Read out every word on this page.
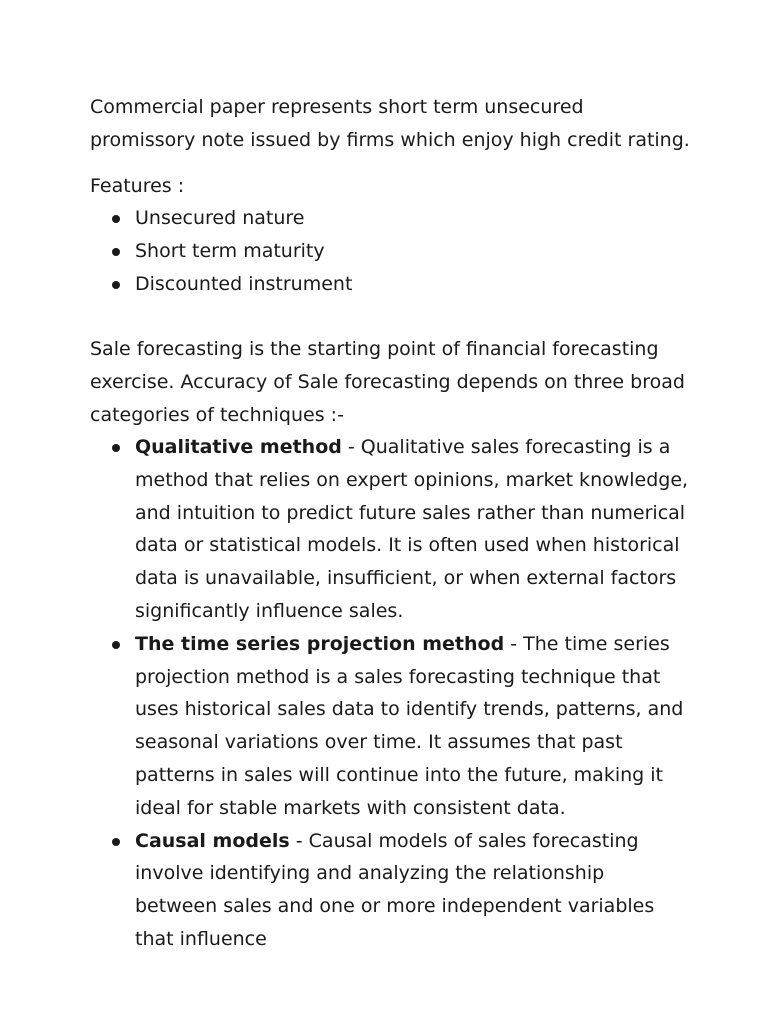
Commercial paper represents short term unsecured promissory note issued by firms which enjoy high credit rating.

Features :

Unsecured nature
Short term maturity
Discounted instrument

Sale forecasting is the starting point of financial forecasting exercise. Accuracy of Sale forecasting depends on three broad categories of techniques :-

Qualitative method - Qualitative sales forecasting is a method that relies on expert opinions, market knowledge, and intuition to predict future sales rather than numerical data or statistical models. It is often used when historical data is unavailable, insufficient, or when external factors significantly influence sales.
The time series projection method - The time series projection method is a sales forecasting technique that uses historical sales data to identify trends, patterns, and seasonal variations over time. It assumes that past patterns in sales will continue into the future, making it ideal for stable markets with consistent data.
Causal models - Causal models of sales forecasting involve identifying and analyzing the relationship between sales and one or more independent variables that influence
